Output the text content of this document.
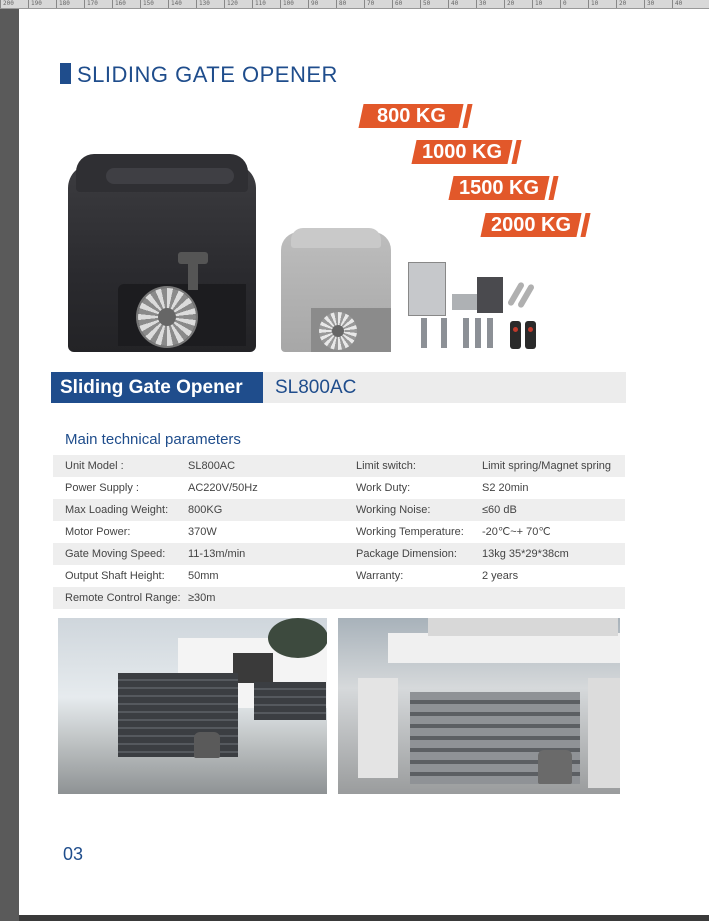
200	190	180	170	160	150	140	130	120	110	100	90	80	70	60	50	40	30	20	10	0	10	20	30	40
SLIDING GATE OPENER
800 KG
1000 KG
1500 KG
2000 KG
Sliding Gate Opener	SL800AC
Main technical parameters
Unit Model :	SL800AC	Limit switch:	Limit spring/Magnet spring
Power Supply :	AC220V/50Hz	Work Duty:	S2 20min
Max Loading Weight: 800KG	Working Noise:	≤60 dB
Motor Power:	370W	Working Temperature: -20℃~+ 70℃
Gate Moving Speed: 11-13m/min	Package Dimension: 13kg 35*29*38cm
Output Shaft Height: 50mm	Warranty:	2 years
Remote Control Range: ≥30m
03
